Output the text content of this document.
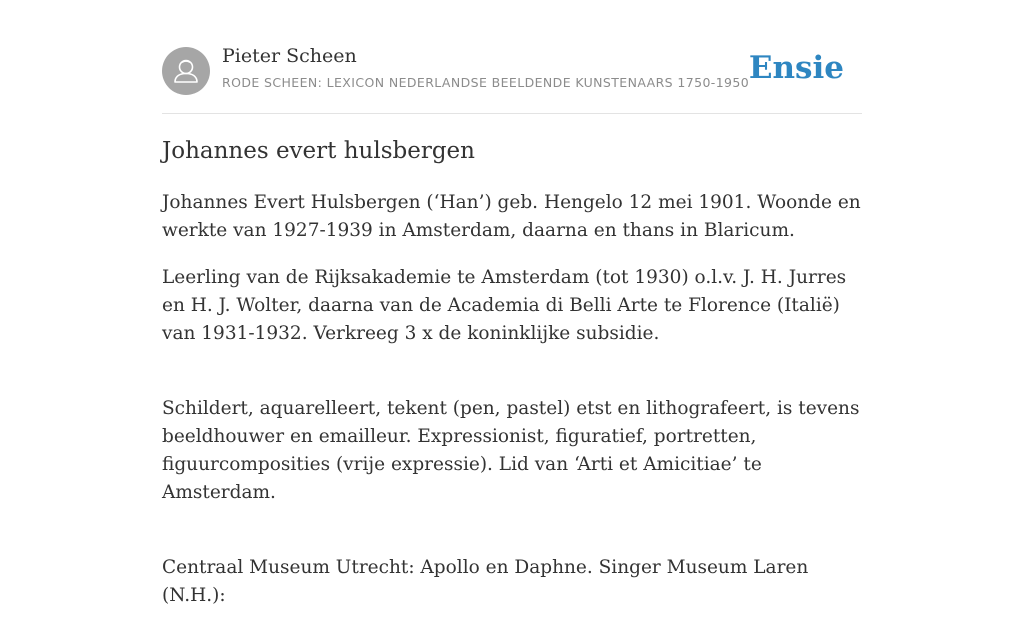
Pieter Scheen
RODE SCHEEN: LEXICON NEDERLANDSE BEELDENDE KUNSTENAARS 1750-1950 Ensie
Johannes evert hulsbergen

Johannes Evert Hulsbergen (‘Han’) geb. Hengelo 12 mei 1901. Woonde en werkte van 1927-1939 in Amsterdam, daarna en thans in Blaricum.

Leerling van de Rijksakademie te Amsterdam (tot 1930) o.l.v. J. H. Jurres en H. J. Wolter, daarna van de Academia di Belli Arte te Florence (Italië) van 1931-1932. Verkreeg 3 x de koninklijke subsidie.

Schildert, aquarelleert, tekent (pen, pastel) etst en lithografeert, is tevens beeldhouwer en emailleur. Expressionist, figuratief, portretten, figuurcomposities (vrije expressie). Lid van ‘Arti et Amicitiae’ te Amsterdam.

Centraal Museum Utrecht: Apollo en Daphne. Singer Museum Laren (N.H.):
